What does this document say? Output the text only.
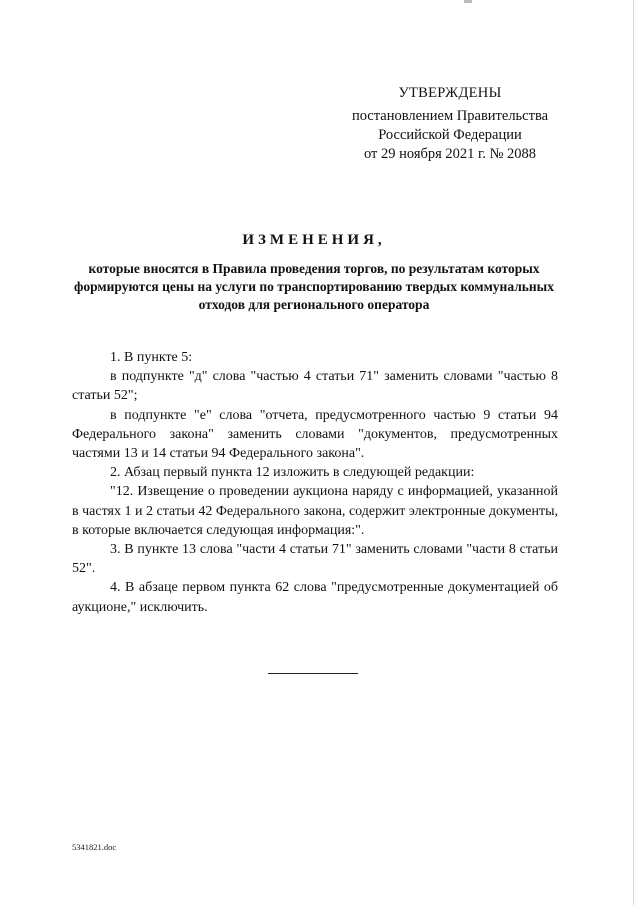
УТВЕРЖДЕНЫ
постановлением Правительства
Российской Федерации
от 29 ноября 2021 г. № 2088
ИЗМЕНЕНИЯ,
которые вносятся в Правила проведения торгов, по результатам которых формируются цены на услуги по транспортированию твердых коммунальных отходов для регионального оператора

1. В пункте 5:

в подпункте "д" слова "частью 4 статьи 71" заменить словами "частью 8 статьи 52";

в подпункте "е" слова "отчета, предусмотренного частью 9 статьи 94 Федерального закона" заменить словами "документов, предусмотренных частями 13 и 14 статьи 94 Федерального закона".

2. Абзац первый пункта 12 изложить в следующей редакции:

"12. Извещение о проведении аукциона наряду с информацией, указанной в частях 1 и 2 статьи 42 Федерального закона, содержит электронные документы, в которые включается следующая информация:".

3. В пункте 13 слова "части 4 статьи 71" заменить словами "части 8 статьи 52".

4. В абзаце первом пункта 62 слова "предусмотренные документацией об аукционе," исключить.

5341821.doc
